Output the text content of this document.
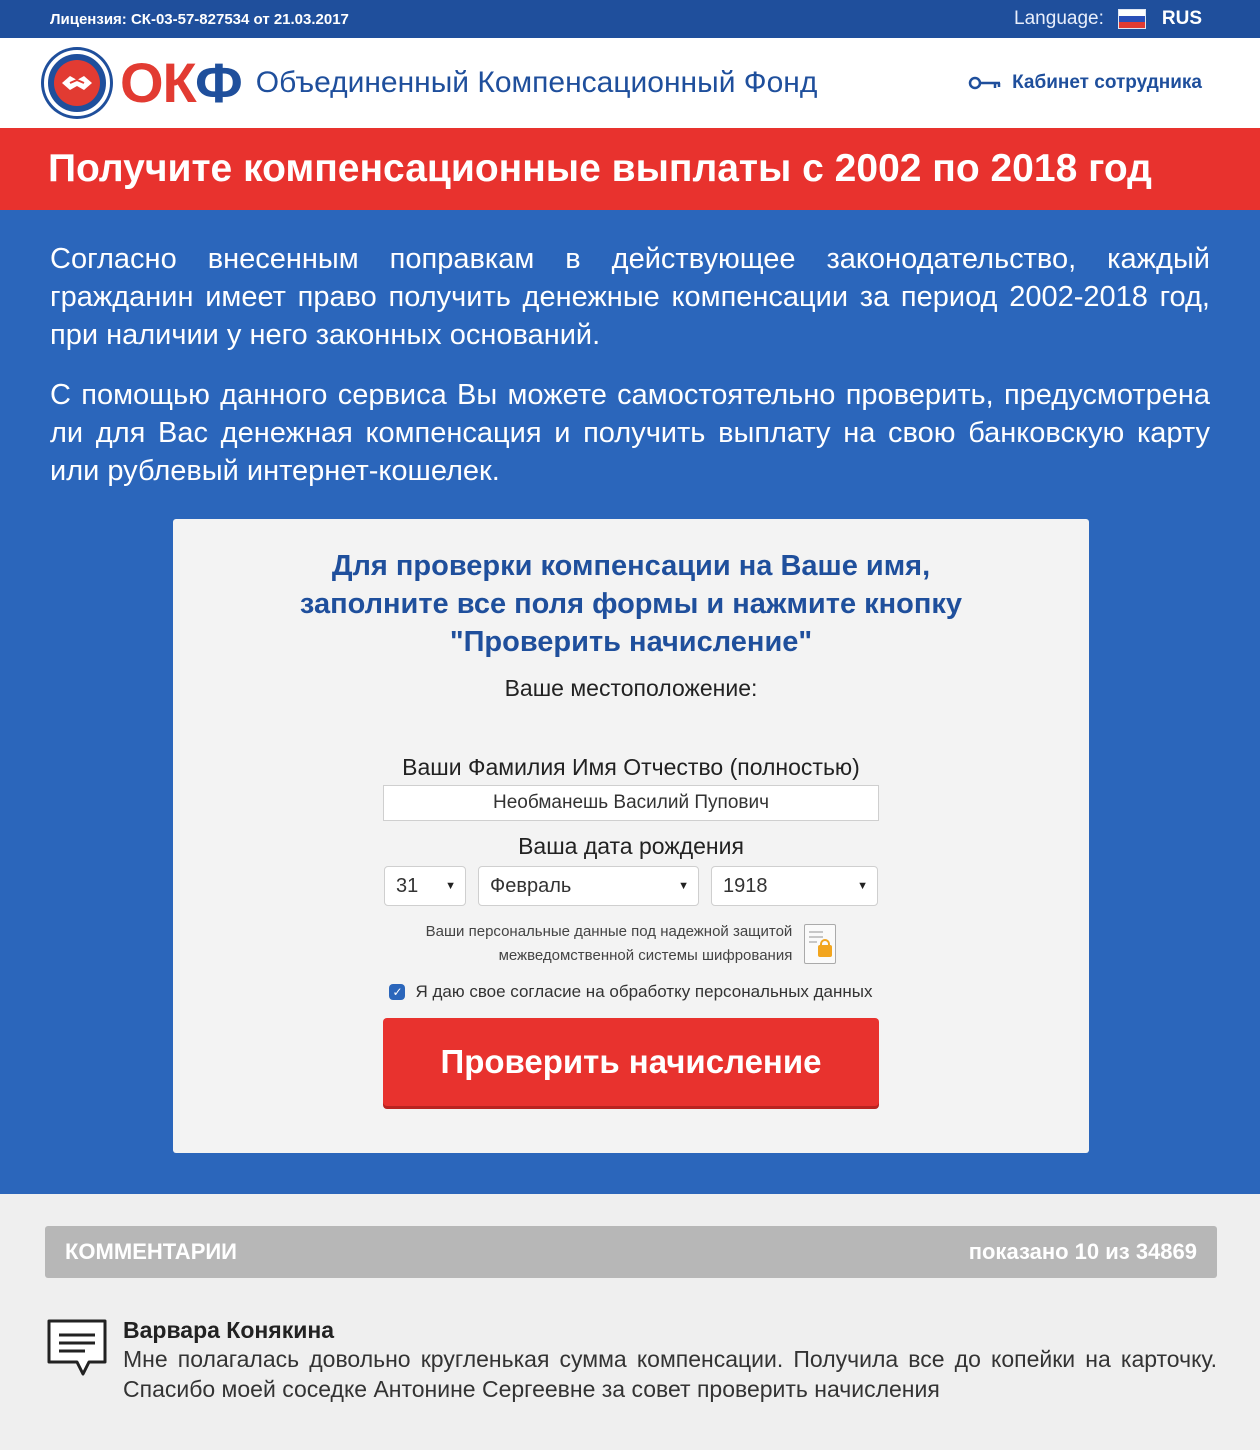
Лицензия: СК-03-57-827534 от 21.03.2017	Language:	RUS
ОКФ Объединенный Компенсационный Фонд	Кабинет сотрудника
Получите компенсационные выплаты с 2002 по 2018 год

Согласно внесенным поправкам в действующее законодательство, каждый гражданин имеет право получить денежные компенсации за период 2002-2018 год, при наличии у него законных оснований.

С помощью данного сервиса Вы можете самостоятельно проверить, предусмотрена ли для Вас денежная компенсация и получить выплату на свою банковскую карту или рублевый интернет-кошелек.

Для проверки компенсации на Ваше имя,
заполните все поля формы и нажмите кнопку
"Проверить начисление"
Ваше местоположение:
Ваши Фамилия Имя Отчество (полностью)
Необманешь Василий Пупович
Ваша дата рождения
31 ▼ Февраль	▼ 1918	▼
Ваши персональные данные под надежной защитой
межведомственной системы шифрования
✓ Я даю свое согласие на обработку персональных данных
Проверить начисление
КОММЕНТАРИИ	показано 10 из 34869
Варвара Конякина
Мне полагалась довольно кругленькая сумма компенсации. Получила все до копейки на карточку. Спасибо моей соседке Антонине Сергеевне за совет проверить начисления
